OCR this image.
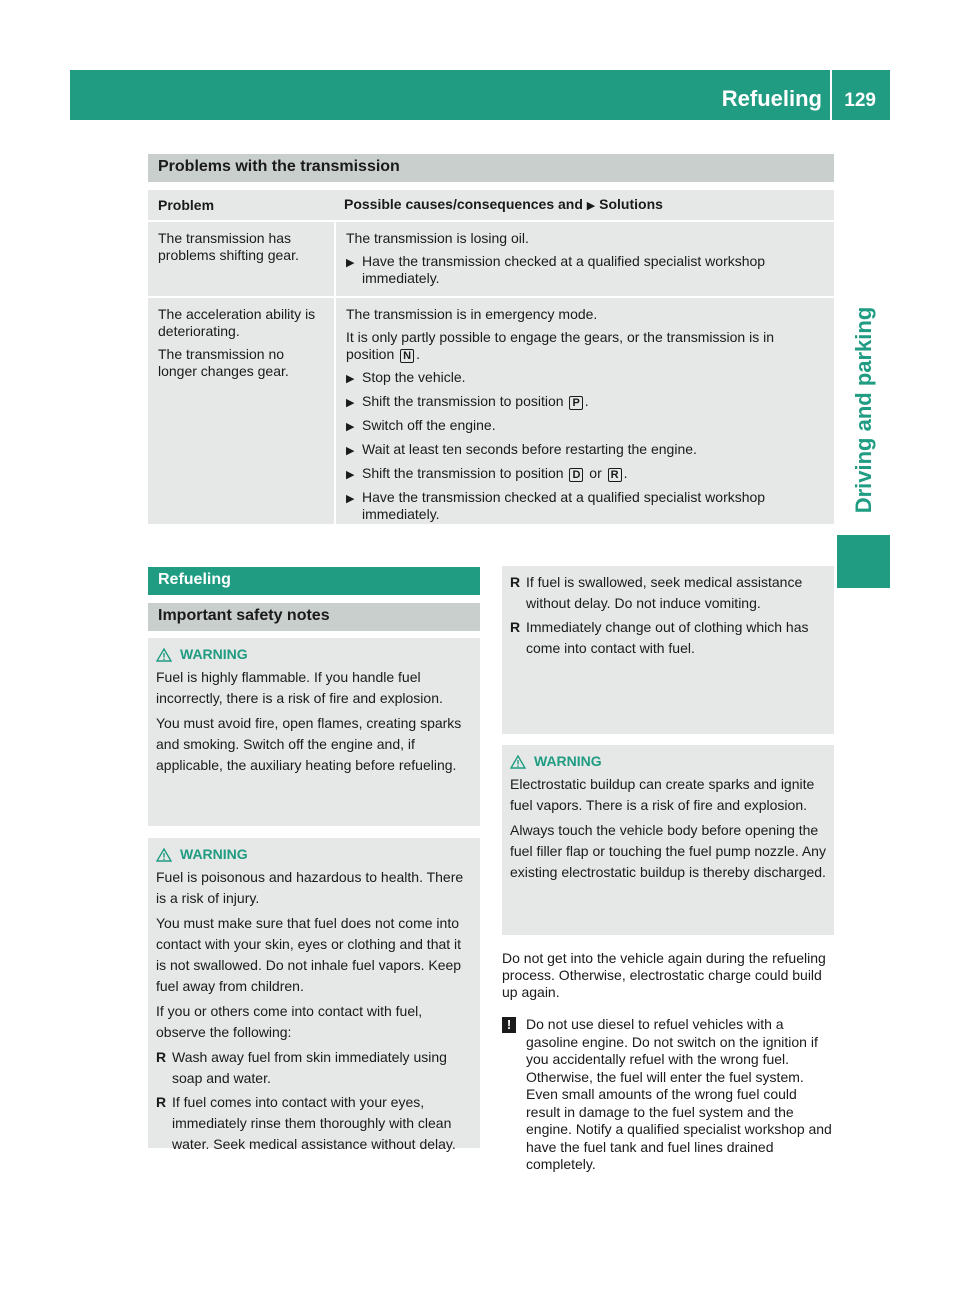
Refueling 129
Driving and parking
Problems with the transmission
Problem	Possible causes/consequences and ▶ Solutions

The transmission has problems shifting gear.

The transmission is losing oil.

▶ Have the transmission checked at a qualified specialist workshop immediately.

The acceleration ability is deteriorating.

The transmission no longer changes gear.

The transmission is in emergency mode.

It is only partly possible to engage the gears, or the transmission is in position N .

▶ Stop the vehicle.
▶ Shift the transmission to position P .
▶ Switch off the engine.
▶ Wait at least ten seconds before restarting the engine.
▶ Shift the transmission to position D or R .
▶ Have the transmission checked at a qualified specialist workshop immediately.
Refueling
Important safety notes
WARNING

Fuel is highly flammable. If you handle fuel incorrectly, there is a risk of fire and explosion.

You must avoid fire, open flames, creating sparks and smoking. Switch off the engine and, if applicable, the auxiliary heating before refueling.

WARNING

Fuel is poisonous and hazardous to health. There is a risk of injury.

You must make sure that fuel does not come into contact with your skin, eyes or clothing and that it is not swallowed. Do not inhale fuel vapors. Keep fuel away from children.

If you or others come into contact with fuel, observe the following:

R Wash away fuel from skin immediately using soap and water.
R If fuel comes into contact with your eyes, immediately rinse them thoroughly with clean water. Seek medical assistance without delay.
R If fuel is swallowed, seek medical assistance without delay. Do not induce vomiting.
R Immediately change out of clothing which has come into contact with fuel.
WARNING

Electrostatic buildup can create sparks and ignite fuel vapors. There is a risk of fire and explosion.

Always touch the vehicle body before opening the fuel filler flap or touching the fuel pump nozzle. Any existing electrostatic buildup is thereby discharged.

Do not get into the vehicle again during the refueling process. Otherwise, electrostatic charge could build up again.
!	Do not use diesel to refuel vehicles with a gasoline engine. Do not switch on the ignition if you accidentally refuel with the wrong fuel. Otherwise, the fuel will enter the fuel system. Even small amounts of the wrong fuel could result in damage to the fuel system and the engine. Notify a qualified specialist workshop and have the fuel tank and fuel lines drained completely.
